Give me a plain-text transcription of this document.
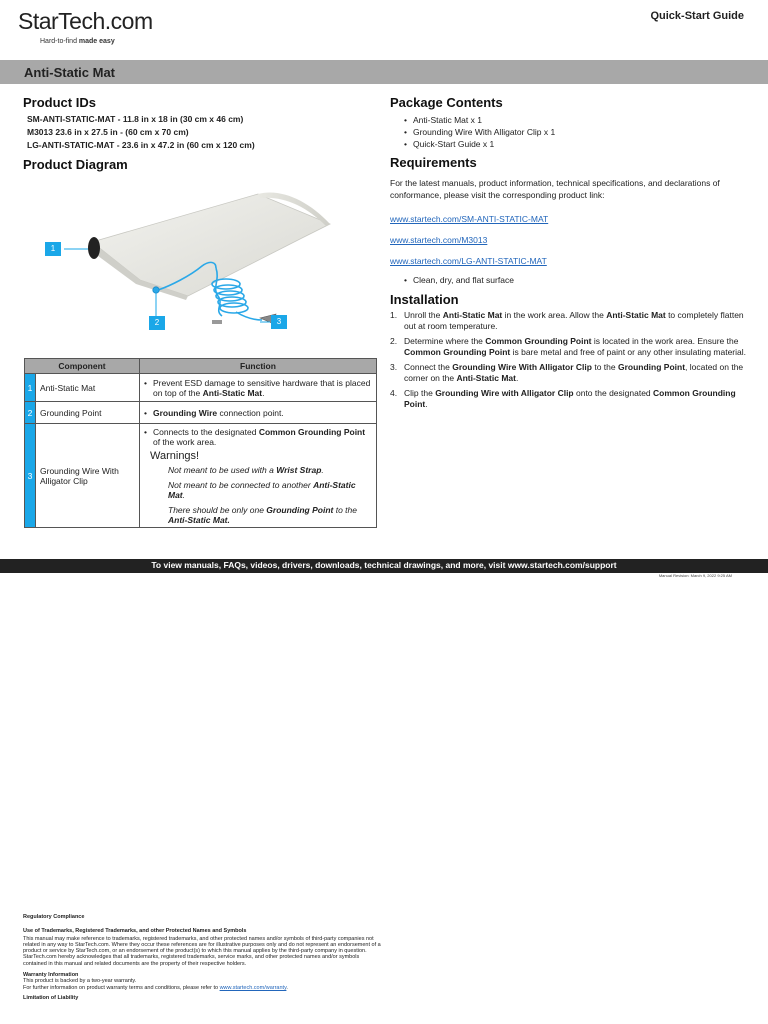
StarTech.com
Hard-to-find made easy
Quick-Start Guide
Anti-Static Mat
Product IDs
SM-ANTI-STATIC-MAT - 11.8 in x 18 in (30 cm x 46 cm)
M3013 23.6 in x 27.5 in - (60 cm x 70 cm)
LG-ANTI-STATIC-MAT - 23.6 in x 47.2 in (60 cm x 120 cm)
Product Diagram
1
2	3
Component		Function
1	Anti-Static Mat	• Prevent ESD damage to sensitive hardware that is placed on top of the Anti-Static Mat.

2	Grounding Point	• Grounding Wire connection point.

3	Grounding Wire With Alligator Clip	• Connects to the designated Common Grounding Point of the work area.
Warnings!
Not meant to be used with a Wrist Strap.
Not meant to be connected to another Anti-Static Mat.
There should be only one Grounding Point to the Anti-Static Mat.
Package Contents
• Anti-Static Mat x 1
• Grounding Wire With Alligator Clip x 1
• Quick-Start Guide x 1
Requirements
For the latest manuals, product information, technical specifications, and declarations of conformance, please visit the corresponding product link:
www.startech.com/SM-ANTI-STATIC-MAT
www.startech.com/M3013
www.startech.com/LG-ANTI-STATIC-MAT
• Clean, dry, and flat surface
Installation
1. Unroll the Anti-Static Mat in the work area. Allow the Anti-Static Mat to completely flatten out at room temperature.
2. Determine where the Common Grounding Point is located in the work area. Ensure the Common Grounding Point is bare metal and free of paint or any other insulating material.
3. Connect the Grounding Wire With Alligator Clip to the Grounding Point, located on the corner on the Anti-Static Mat.
4. Clip the Grounding Wire with Alligator Clip onto the designated Common Grounding Point.
To view manuals, FAQs, videos, drivers, downloads, technical drawings, and more, visit www.startech.com/support
Manual Revision: March 9, 2022 9:25 AM
Regulatory Compliance
Use of Trademarks, Registered Trademarks, and other Protected Names and Symbols
This manual may make reference to trademarks, registered trademarks, and other protected names and/or symbols of third-party companies not related in any way to StarTech.com. Where they occur these references are for illustrative purposes only and do not represent an endorsement of a product or service by StarTech.com, or an endorsement of the product(s) to which this manual applies by the third-party company in question. StarTech.com hereby acknowledges that all trademarks, registered trademarks, service marks, and other protected names and/or symbols contained in this manual and related documents are the property of their respective holders.
Warranty Information
This product is backed by a two-year warranty.
For further information on product warranty terms and conditions, please refer to www.startech.com/warranty.
Limitation of Liability
